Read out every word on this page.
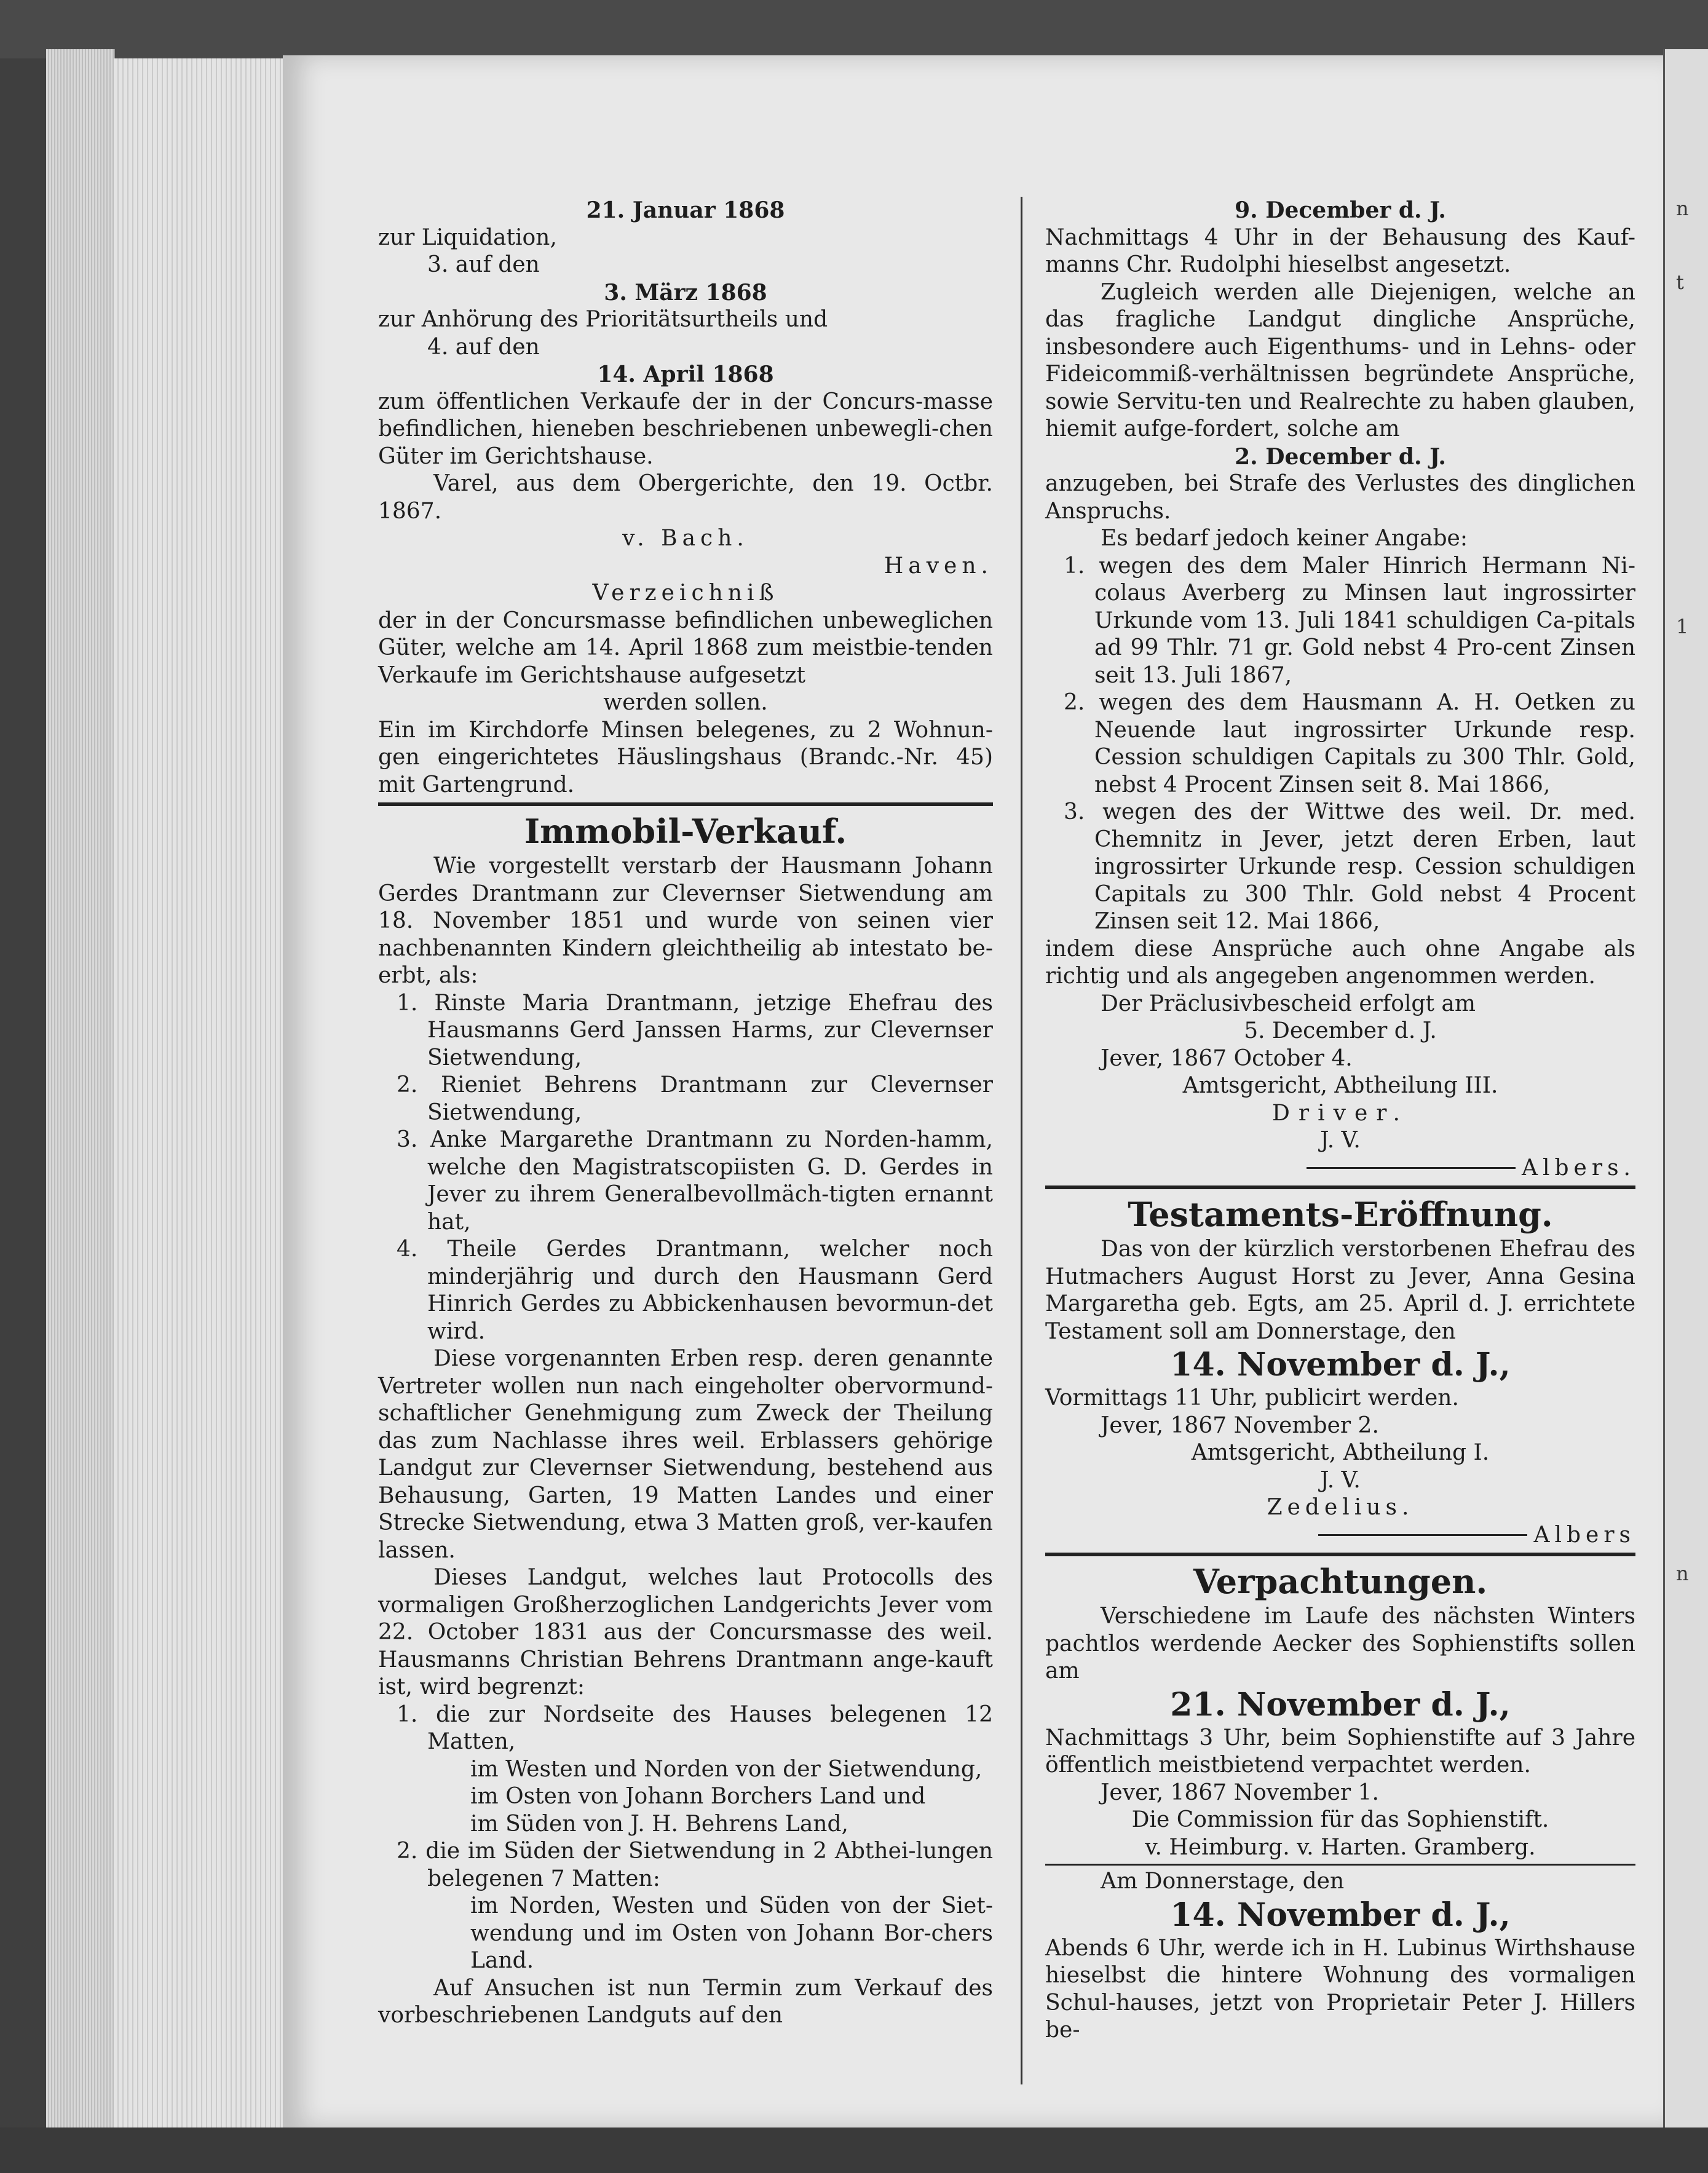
n
t
1
n

21. Januar 1868

zur Liquidation,

3. auf den

3. März 1868

zur Anhörung des Prioritätsurtheils und

4. auf den

14. April 1868

zum öffentlichen Verkaufe der in der Concurs-masse befindlichen, hieneben beschriebenen unbewegli-chen Güter im Gerichtshause.

Varel, aus dem Obergerichte, den 19. Octbr. 1867.

v. Bach.

Haven.

Verzeichniß

der in der Concursmasse befindlichen unbeweglichen Güter, welche am 14. April 1868 zum meistbie-tenden Verkaufe im Gerichtshause aufgesetzt

werden sollen.

Ein im Kirchdorfe Minsen belegenes, zu 2 Wohnun-gen eingerichtetes Häuslingshaus (Brandc.-Nr. 45) mit Gartengrund.

Immobil-Verkauf.

Wie vorgestellt verstarb der Hausmann Johann Gerdes Drantmann zur Clevernser Sietwendung am 18. November 1851 und wurde von seinen vier nachbenannten Kindern gleichtheilig ab intestato be-erbt, als:

1. Rinste Maria Drantmann, jetzige Ehefrau des Hausmanns Gerd Janssen Harms, zur Clevernser Sietwendung,

2. Rieniet Behrens Drantmann zur Clevernser Sietwendung,

3. Anke Margarethe Drantmann zu Norden-hamm, welche den Magistratscopiisten G. D. Gerdes in Jever zu ihrem Generalbevollmäch-tigten ernannt hat,

4. Theile Gerdes Drantmann, welcher noch minderjährig und durch den Hausmann Gerd Hinrich Gerdes zu Abbickenhausen bevormun-det wird.

Diese vorgenannten Erben resp. deren genannte Vertreter wollen nun nach eingeholter obervormund-schaftlicher Genehmigung zum Zweck der Theilung das zum Nachlasse ihres weil. Erblassers gehörige Landgut zur Clevernser Sietwendung, bestehend aus Behausung, Garten, 19 Matten Landes und einer Strecke Sietwendung, etwa 3 Matten groß, ver-kaufen lassen.

Dieses Landgut, welches laut Protocolls des vormaligen Großherzoglichen Landgerichts Jever vom 22. October 1831 aus der Concursmasse des weil. Hausmanns Christian Behrens Drantmann ange-kauft ist, wird begrenzt:

1. die zur Nordseite des Hauses belegenen 12 Matten,

im Westen und Norden von der Sietwendung,

im Osten von Johann Borchers Land und

im Süden von J. H. Behrens Land,

2. die im Süden der Sietwendung in 2 Abthei-lungen belegenen 7 Matten:

im Norden, Westen und Süden von der Siet-wendung und im Osten von Johann Bor-chers Land.

Auf Ansuchen ist nun Termin zum Verkauf des vorbeschriebenen Landguts auf den

9. December d. J.

Nachmittags 4 Uhr in der Behausung des Kauf-manns Chr. Rudolphi hieselbst angesetzt.

Zugleich werden alle Diejenigen, welche an das fragliche Landgut dingliche Ansprüche, insbesondere auch Eigenthums- und in Lehns- oder Fideicommiß-verhältnissen begründete Ansprüche, sowie Servitu-ten und Realrechte zu haben glauben, hiemit aufge-fordert, solche am

2. December d. J.

anzugeben, bei Strafe des Verlustes des dinglichen Anspruchs.

Es bedarf jedoch keiner Angabe:

1. wegen des dem Maler Hinrich Hermann Ni-colaus Averberg zu Minsen laut ingrossirter Urkunde vom 13. Juli 1841 schuldigen Ca-pitals ad 99 Thlr. 71 gr. Gold nebst 4 Pro-cent Zinsen seit 13. Juli 1867,

2. wegen des dem Hausmann A. H. Oetken zu Neuende laut ingrossirter Urkunde resp. Cession schuldigen Capitals zu 300 Thlr. Gold, nebst 4 Procent Zinsen seit 8. Mai 1866,

3. wegen des der Wittwe des weil. Dr. med. Chemnitz in Jever, jetzt deren Erben, laut ingrossirter Urkunde resp. Cession schuldigen Capitals zu 300 Thlr. Gold nebst 4 Procent Zinsen seit 12. Mai 1866,

indem diese Ansprüche auch ohne Angabe als richtig und als angegeben angenommen werden.

Der Präclusivbescheid erfolgt am

5. December d. J.

Jever, 1867 October 4.

Amtsgericht, Abtheilung III.

Driver.

J. V.

Albers.

Testaments-Eröffnung.

Das von der kürzlich verstorbenen Ehefrau des Hutmachers August Horst zu Jever, Anna Gesina Margaretha geb. Egts, am 25. April d. J. errichtete Testament soll am Donnerstage, den

14. November d. J.,

Vormittags 11 Uhr, publicirt werden.

Jever, 1867 November 2.

Amtsgericht, Abtheilung I.

J. V.

Zedelius.

Albers

Verpachtungen.

Verschiedene im Laufe des nächsten Winters pachtlos werdende Aecker des Sophienstifts sollen am

21. November d. J.,

Nachmittags 3 Uhr, beim Sophienstifte auf 3 Jahre öffentlich meistbietend verpachtet werden.

Jever, 1867 November 1.

Die Commission für das Sophienstift.

v. Heimburg. v. Harten. Gramberg.

Am Donnerstage, den

14. November d. J.,

Abends 6 Uhr, werde ich in H. Lubinus Wirthshause hieselbst die hintere Wohnung des vormaligen Schul-hauses, jetzt von Proprietair Peter J. Hillers be-
